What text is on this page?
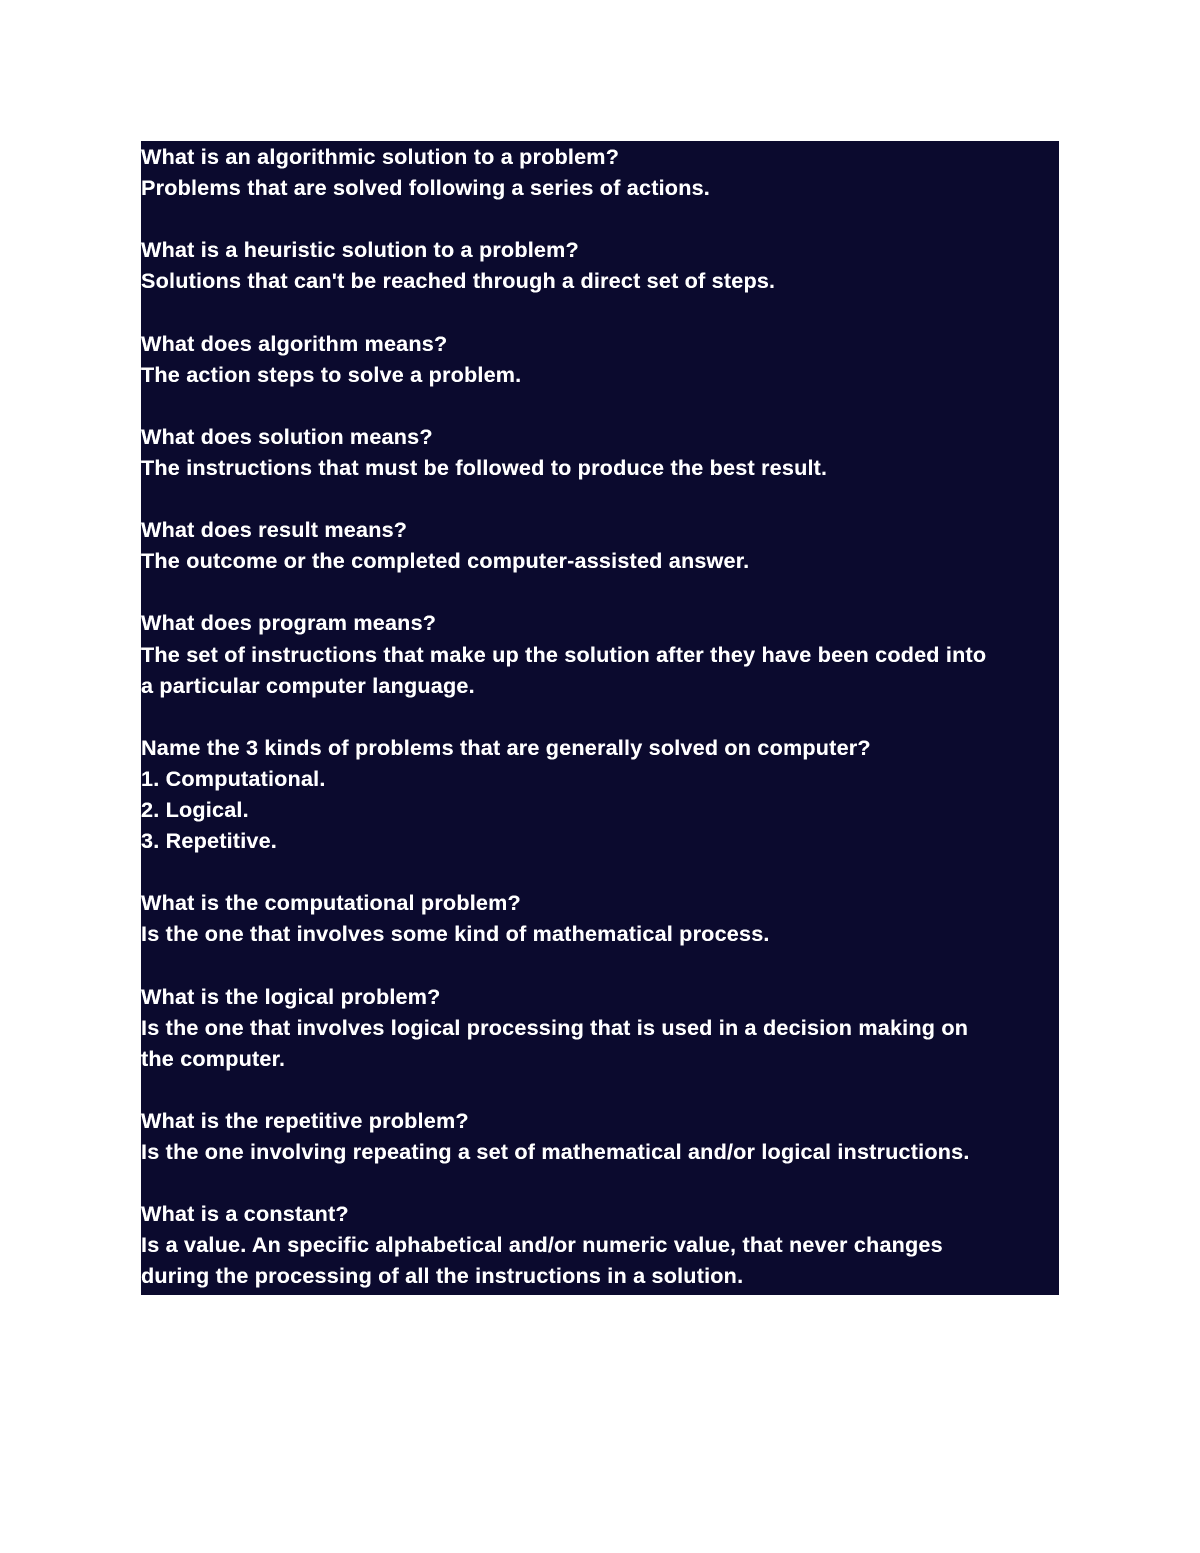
What is an algorithmic solution to a problem?
Problems that are solved following a series of actions.
What is a heuristic solution to a problem?
Solutions that can't be reached through a direct set of steps.
What does algorithm means?
The action steps to solve a problem.
What does solution means?
The instructions that must be followed to produce the best result.
What does result means?
The outcome or the completed computer-assisted answer.
What does program means?
The set of instructions that make up the solution after they have been coded into
a particular computer language.
Name the 3 kinds of problems that are generally solved on computer?
1. Computational.
2. Logical.
3. Repetitive.
What is the computational problem?
Is the one that involves some kind of mathematical process.
What is the logical problem?
Is the one that involves logical processing that is used in a decision making on
the computer.
What is the repetitive problem?
Is the one involving repeating a set of mathematical and/or logical instructions.
What is a constant?
Is a value. An specific alphabetical and/or numeric value, that never changes
during the processing of all the instructions in a solution.
